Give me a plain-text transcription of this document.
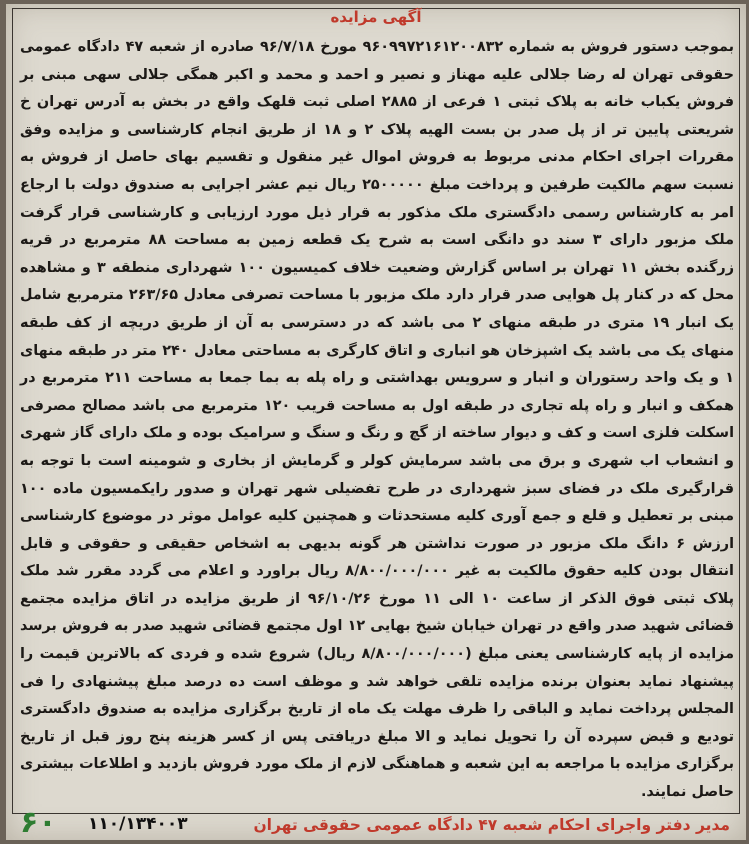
آگهی مزایده

بموجب دستور فروش به شماره ۹۶۰۹۹۷۲۱۶۱۲۰۰۸۳۲ مورخ ۹۶/۷/۱۸ صادره از شعبه ۴۷ دادگاه عمومی حقوقی تهران له رضا جلالی علیه مهناز و نصیر و احمد و محمد و اکبر همگی جلالی سهی مبنی بر فروش یکباب خانه به پلاک ثبتی ۱ فرعی از ۲۸۸۵ اصلی ثبت قلهک واقع در بخش به آدرس تهران خ شریعتی پایین تر از پل صدر بن بست الهیه پلاک ۲ و ۱۸ از طریق انجام کارشناسی و مزایده وفق مقررات اجرای احکام مدنی مربوط به فروش اموال غیر منقول و تقسیم بهای حاصل از فروش به نسبت سهم مالکیت طرفین و پرداخت مبلغ ۲۵۰۰۰۰۰ ریال نیم عشر اجرایی به صندوق دولت با ارجاع امر به کارشناس رسمی دادگستری ملک مذکور به قرار ذیل مورد ارزیابی و کارشناسی قرار گرفت ملک مزبور دارای ۳ سند دو دانگی است به شرح یک قطعه زمین به مساحت ۸۸ مترمربع در قریه زرگنده بخش ۱۱ تهران بر اساس گزارش وضعیت خلاف کمیسیون ۱۰۰ شهرداری منطقه ۳ و مشاهده محل که در کنار پل هوایی صدر قرار دارد ملک مزبور با مساحت تصرفی معادل ۲۶۳/۶۵ مترمربع شامل یک انبار ۱۹ متری در طبقه منهای ۲ می باشد که در دسترسی به آن از طریق دریچه از کف طبقه منهای یک می باشد یک اشپزخان هو انباری و اتاق کارگری به مساحتی معادل ۲۴۰ متر در طبقه منهای ۱ و یک واحد رستوران و انبار و سرویس بهداشتی و راه پله به بما جمعا به مساحت ۲۱۱ مترمربع در همکف و انبار و راه پله تجاری در طبقه اول به مساحت قریب ۱۲۰ مترمربع می باشد مصالح مصرفی اسکلت فلزی است و کف و دیوار ساخته از گچ و رنگ و سنگ و سرامیک بوده و ملک دارای گاز شهری و انشعاب اب شهری و برق می باشد سرمایش کولر و گرمایش از بخاری و شومینه است با توجه به قرارگیری ملک در فضای سبز شهرداری در طرح تفضیلی شهر تهران و صدور رایکمسیون ماده ۱۰۰ مبنی بر تعطیل و قلع و جمع آوری کلیه مستحدثات و همچنین کلیه عوامل موثر در موضوع کارشناسی ارزش ۶ دانگ ملک مزبور در صورت نداشتن هر گونه بدیهی به اشخاص حقیقی و حقوقی و قابل انتقال بودن کلیه حقوق مالکیت به غیر ۸/۸۰۰/۰۰۰/۰۰۰ ریال براورد و اعلام می گردد مقرر شد ملک پلاک ثبتی فوق الذکر از ساعت ۱۰ الی ۱۱ مورخ ۹۶/۱۰/۲۶ از طریق مزایده در اتاق مزایده مجتمع قضائی شهید صدر واقع در تهران خیابان شیخ بهایی ۱۲ اول مجتمع قضائی شهید صدر به فروش برسد مزایده از پایه کارشناسی یعنی مبلغ (۸/۸۰۰/۰۰۰/۰۰۰ ریال) شروع شده و فردی که بالاترین قیمت را پیشنهاد نماید بعنوان برنده مزایده تلقی خواهد شد و موظف است ده درصد مبلغ پیشنهادی را فی المجلس پرداخت نماید و الباقی را ظرف مهلت یک ماه از تاریخ برگزاری مزایده به صندوق دادگستری تودیع و قبض سپرده آن را تحویل نماید و الا مبلغ دریافتی پس از کسر هزینه پنج روز قبل از تاریخ برگزاری مزایده با مراجعه به این شعبه و هماهنگی لازم از ملک مورد فروش بازدید و اطلاعات بیشتری حاصل نمایند.

۶۰ ۱۱۰/۱۳۴۰۰۳	مدیر دفتر واجرای احکام شعبه ۴۷ دادگاه عمومی حقوقی تهران
